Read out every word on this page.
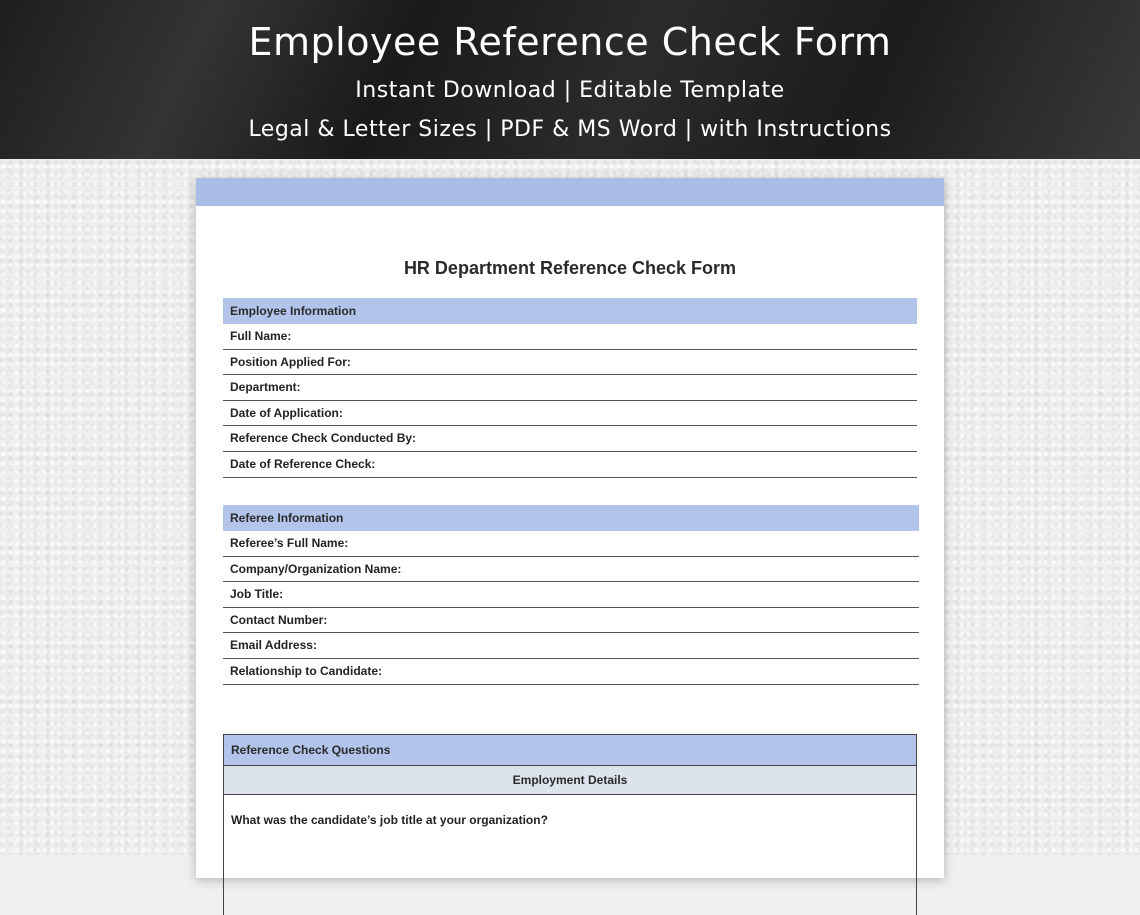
Employee Reference Check Form
Instant Download | Editable Template
Legal & Letter Sizes | PDF & MS Word | with Instructions
HR Department Reference Check Form
Employee Information
Full Name:
Position Applied For:
Department:
Date of Application:
Reference Check Conducted By:
Date of Reference Check:
Referee Information
Referee’s Full Name:
Company/Organization Name:
Job Title:
Contact Number:
Email Address:
Relationship to Candidate:
Reference Check Questions
Employment Details
What was the candidate’s job title at your organization?
